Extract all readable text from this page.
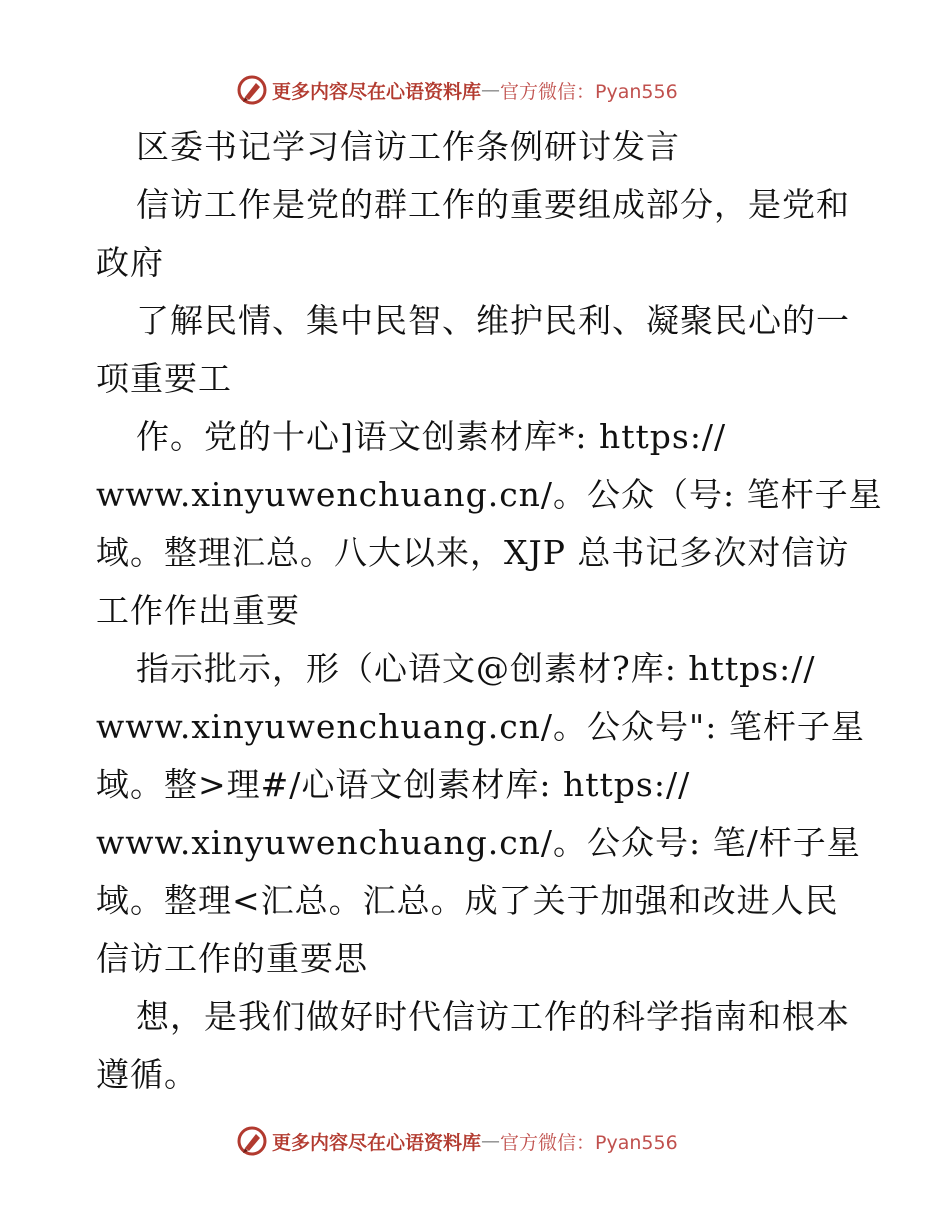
更多内容尽在心语资料库 — 官方微信：Pyan556
区委书记学习信访工作条例研讨发言
信访工作是党的群工作的重要组成部分，是党和
政府
了解民情、集中民智、维护民利、凝聚民心的一
项重要工
作。党的十心]语文创素材库*: https://
www.xinyuwenchuang.cn/。公众（号: 笔杆子星
域。整理汇总。八大以来，XJP 总书记多次对信访
工作作出重要
指示批示，形（心语文@创素材?库: https://
www.xinyuwenchuang.cn/。公众号": 笔杆子星
域。整>理#/心语文创素材库: https://
www.xinyuwenchuang.cn/。公众号: 笔/杆子星
域。整理<汇总。汇总。成了关于加强和改进人民
信访工作的重要思
想，是我们做好时代信访工作的科学指南和根本
遵循。
更多内容尽在心语资料库 — 官方微信：Pyan556
